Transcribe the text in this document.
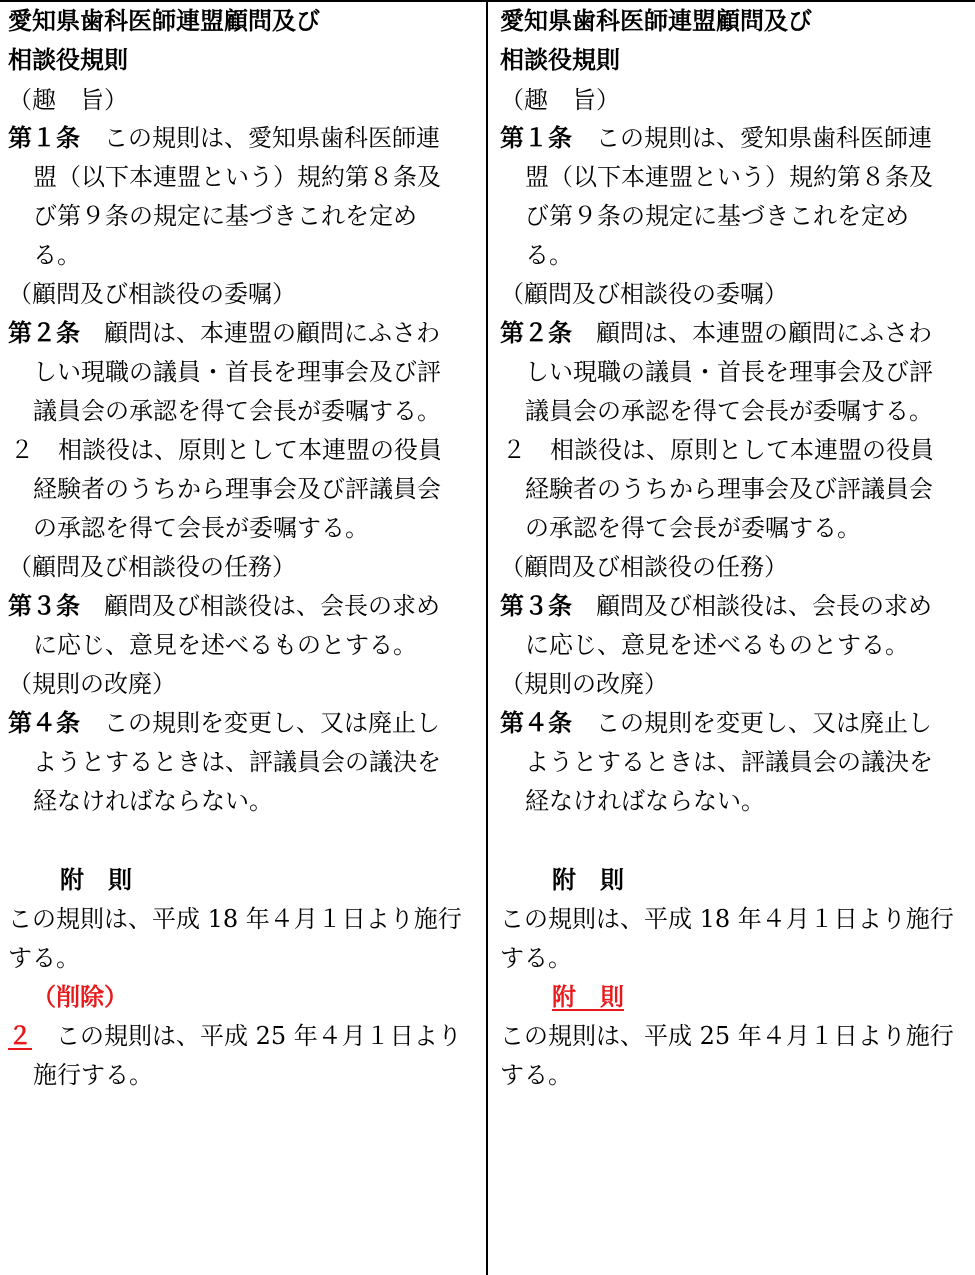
愛知県歯科医師連盟顧問及び
相談役規則
（趣　旨）
第１条 この規則は、愛知県歯科医師連
盟（以下本連盟という）規約第８条及
び第９条の規定に基づきこれを定め
る。
（顧問及び相談役の委嘱）
第２条 顧問は、本連盟の顧問にふさわ
しい現職の議員・首長を理事会及び評
議員会の承認を得て会長が委嘱する。
２ 相談役は、原則として本連盟の役員
経験者のうちから理事会及び評議員会
の承認を得て会長が委嘱する。
（顧問及び相談役の任務）
第３条 顧問及び相談役は、会長の求め
に応じ、意見を述べるものとする。
（規則の改廃）
第４条 この規則を変更し、又は廃止し
ようとするときは、評議員会の議決を
経なければならない。
附　則
この規則は、平成 18 年４月１日より施行
する。
（削除）
２ この規則は、平成 25 年４月１日より
施行する。
愛知県歯科医師連盟顧問及び
相談役規則
（趣　旨）
第１条 この規則は、愛知県歯科医師連
盟（以下本連盟という）規約第８条及
び第９条の規定に基づきこれを定め
る。
（顧問及び相談役の委嘱）
第２条 顧問は、本連盟の顧問にふさわ
しい現職の議員・首長を理事会及び評
議員会の承認を得て会長が委嘱する。
２ 相談役は、原則として本連盟の役員
経験者のうちから理事会及び評議員会
の承認を得て会長が委嘱する。
（顧問及び相談役の任務）
第３条 顧問及び相談役は、会長の求め
に応じ、意見を述べるものとする。
（規則の改廃）
第４条 この規則を変更し、又は廃止し
ようとするときは、評議員会の議決を
経なければならない。
附　則
この規則は、平成 18 年４月１日より施行
する。
附　則
この規則は、平成 25 年４月１日より施行
する。
